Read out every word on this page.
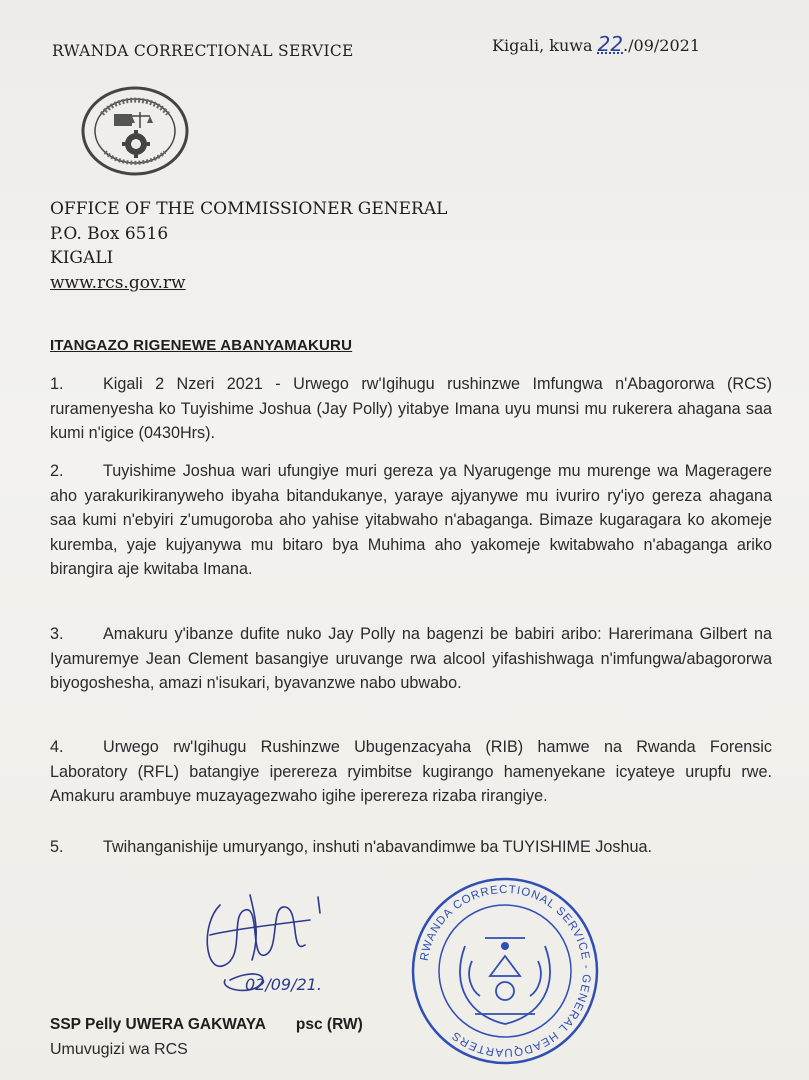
RWANDA CORRECTIONAL SERVICE	Kigali, kuwa 22./09/2021
OFFICE OF THE COMMISSIONER GENERAL
P.O. Box 6516
KIGALI
www.rcs.gov.rw
ITANGAZO RIGENEWE ABANYAMAKURU
1. Kigali 2 Nzeri 2021 - Urwego rw'Igihugu rushinzwe Imfungwa n'Abagororwa (RCS) ruramenyesha ko Tuyishime Joshua (Jay Polly) yitabye Imana uyu munsi mu rukerera ahagana saa kumi n'igice (0430Hrs).
2. Tuyishime Joshua wari ufungiye muri gereza ya Nyarugenge mu murenge wa Mageragere aho yarakurikiranyweho ibyaha bitandukanye, yaraye ajyanywe mu ivuriro ry'iyo gereza ahagana saa kumi n'ebyiri z'umugoroba aho yahise yitabwaho n'abaganga. Bimaze kugaragara ko akomeje kuremba, yaje kujyanywa mu bitaro bya Muhima aho yakomeje kwitabwaho n'abaganga ariko birangira aje kwitaba Imana.
3. Amakuru y'ibanze dufite nuko Jay Polly na bagenzi be babiri aribo: Harerimana Gilbert na Iyamuremye Jean Clement basangiye uruvange rwa alcool yifashishwaga n'imfungwa/abagororwa biyogoshesha, amazi n'isukari, byavanzwe nabo ubwabo.
4. Urwego rw'Igihugu Rushinzwe Ubugenzacyaha (RIB) hamwe na Rwanda Forensic Laboratory (RFL) batangiye iperereza ryimbitse kugirango hamenyekane icyateye urupfu rwe. Amakuru arambuye muzayagezwaho igihe iperereza rizaba rirangiye.
5. Twihanganishije umuryango, inshuti n'abavandimwe ba TUYISHIME Joshua.
02/09/21.
RWANDA CORRECTIONAL SERVICE - GENERAL HEADQUARTERS
SSP Pelly UWERA GAKWAYA psc (RW)
Umuvugizi wa RCS
